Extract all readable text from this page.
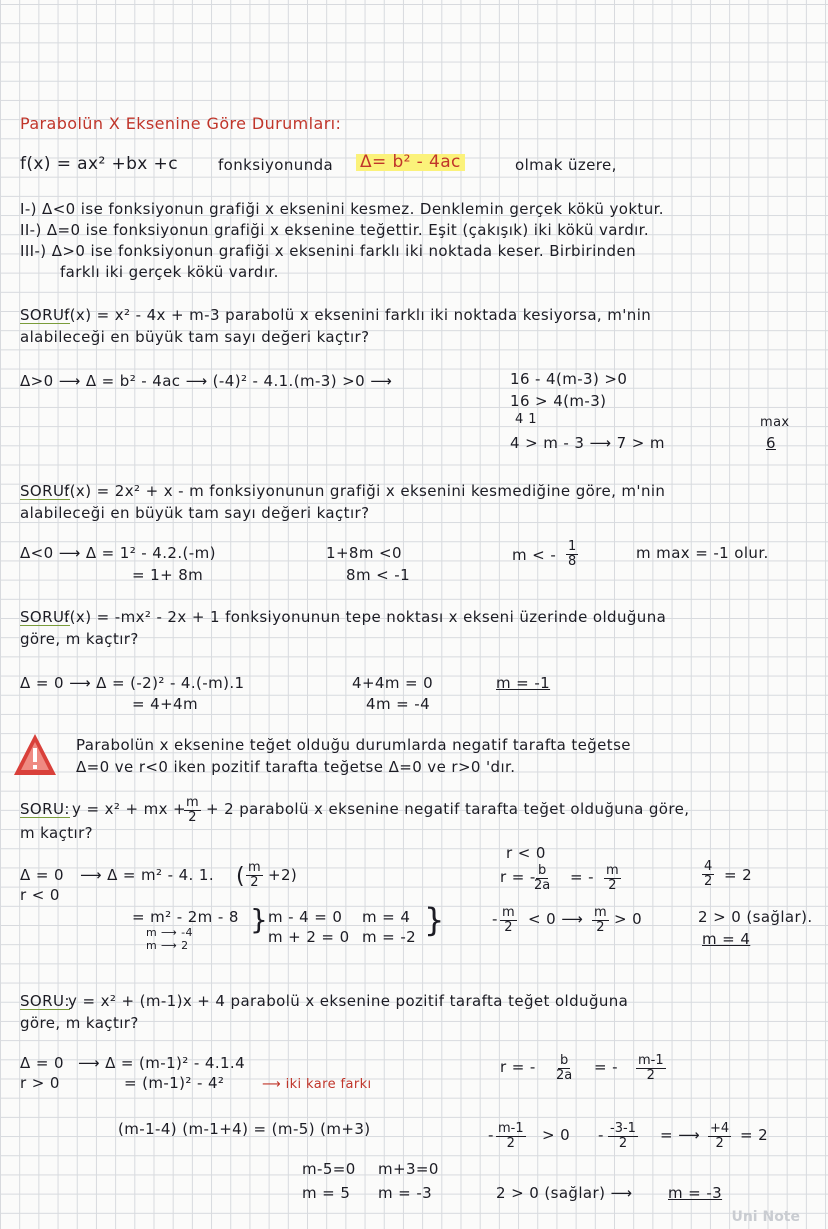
Parabolün X Eksenine Göre Durumları:
f(x) = ax² +bx +c	fonksiyonunda Δ= b² - 4ac	olmak üzere,
I-) Δ<0 ise fonksiyonun grafiği x eksenini kesmez. Denklemin gerçek kökü yoktur.
II-) Δ=0 ise fonksiyonun grafiği x eksenine teğettir. Eşit (çakışık) iki kökü vardır.
III-) Δ>0 ise fonksiyonun grafiği x eksenini farklı iki noktada keser. Birbirinden
farklı iki gerçek kökü vardır.
SORU:
f(x) = x² - 4x + m-3 parabolü x eksenini farklı iki noktada kesiyorsa, m'nin
alabileceği en büyük tam sayı değeri kaçtır?
Δ>0 ⟶ Δ = b² - 4ac ⟶ (-4)² - 4.1.(m-3) >0 ⟶	16 - 4(m-3) >0
16 > 4(m-3)
4 1
4 > m - 3 ⟶ 7 > m
max
6
SORU:
f(x) = 2x² + x - m fonksiyonunun grafiği x eksenini kesmediğine göre, m'nin
alabileceği en büyük tam sayı değeri kaçtır?
Δ<0 ⟶ Δ = 1² - 4.2.(-m)
= 1+ 8m
1+8m <0
8m < -1
m < - $\frac{1}{8}$	m max = -1 olur.
SORU:
f(x) = -mx² - 2x + 1 fonksiyonunun tepe noktası x ekseni üzerinde olduğuna
göre, m kaçtır?
Δ = 0 ⟶ Δ = (-2)² - 4.(-m).1
= 4+4m
4+4m = 0
4m = -4
m = -1
Parabolün x eksenine teğet olduğu durumlarda negatif tarafta teğetse
Δ=0 ve r<0 iken pozitif tarafta teğetse Δ=0 ve r>0 'dır.
SORU: y = x² + mx +
$\frac{m}{2} + 2$ parabolü x eksenine negatif tarafta teğet olduğuna göre,
m kaçtır?
Δ = 0
r < 0
⟶ Δ = m² - 4. 1. ( $\frac{m}{2} +2$)
= m² - 2m - 8
m ⟶ -4
m ⟶ 2
} m - 4 = 0
m + 2 = 0
m = 4
m = -2 }
r < 0
r = -
$\frac{b}{2a}$ = - $\frac{m}{2}$
- $\frac{m}{2} < 0$ ⟶ $\frac{m}{2} > 0$
$\frac{4}{2} = 2$
2 > 0 (sağlar).
m = 4
SORU:
y = x² + (m-1)x + 4 parabolü x eksenine pozitif tarafta teğet olduğuna
göre, m kaçtır?
Δ = 0
r > 0
⟶ Δ = (m-1)² - 4.1.4
= (m-1)² - 4²	⟶ iki kare farkı
(m-1-4) (m-1+4) = (m-5) (m+3)
m-5=0 m+3=0
m = 5 m = -3
r = - $\frac{b}{2a}$ = - $\frac{m-1}{2}$
- $\frac{m-1}{2} > 0 - \frac{-3-1}{2}$ = ⟶ $\frac{+4}{2} = 2$
2 > 0 (sağlar) ⟶ m = -3
Uni Note
